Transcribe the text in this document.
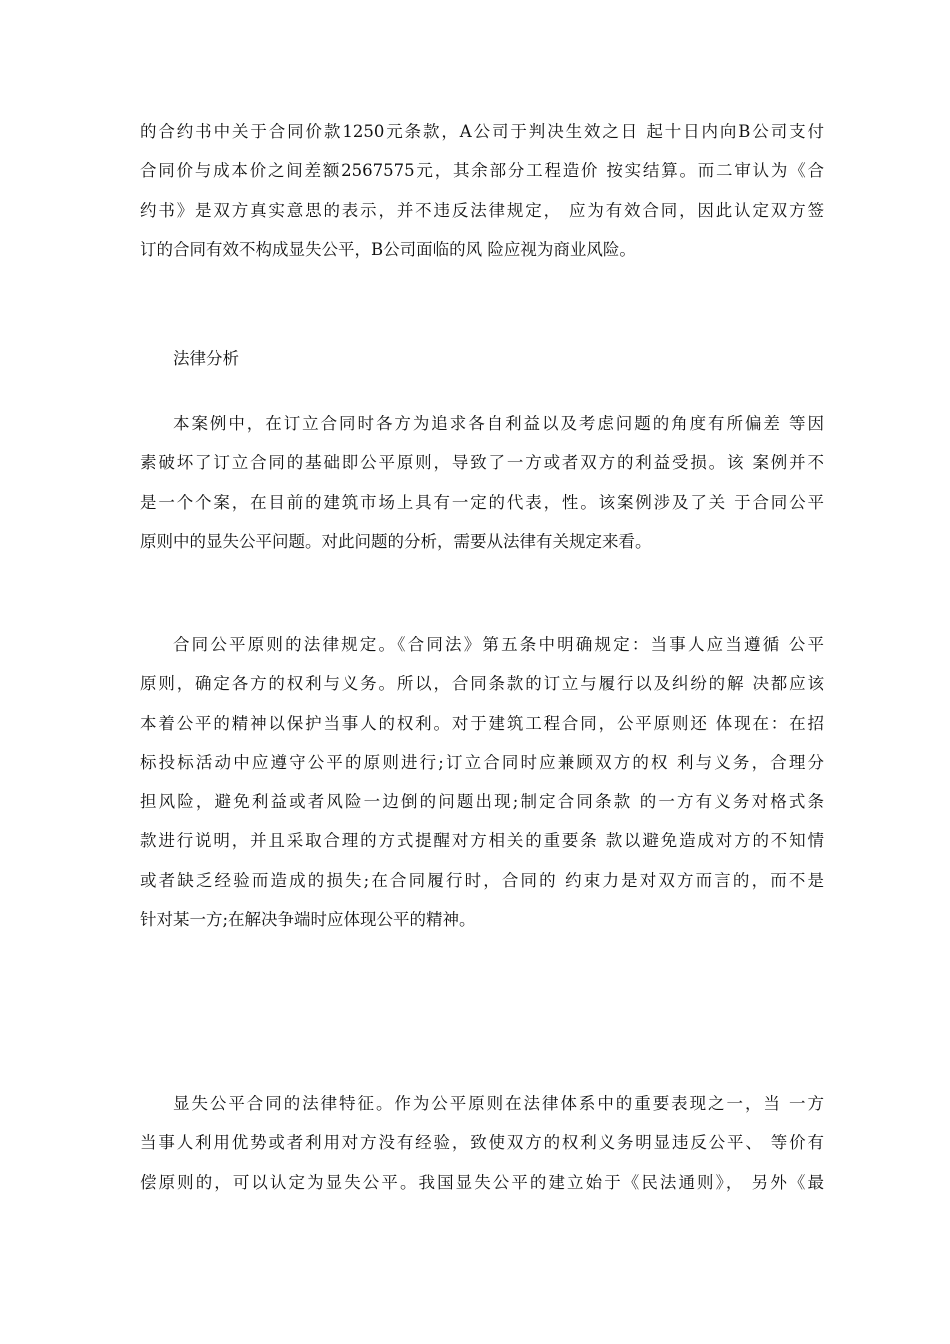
的合约书中关于合同价款1250元条款，A公司于判决生效之日 起十日内向B公司支付
合同价与成本价之间差额2567575元，其余部分工程造价 按实结算。而二审认为《合
约书》是双方真实意思的表示，并不违反法律规定， 应为有效合同，因此认定双方签
订的合同有效不构成显失公平，B公司面临的风 险应视为商业风险。
法律分析
本案例中，在订立合同时各方为追求各自利益以及考虑问题的角度有所偏差 等因
素破坏了订立合同的基础即公平原则，导致了一方或者双方的利益受损。该 案例并不
是一个个案，在目前的建筑市场上具有一定的代表，性。该案例涉及了关 于合同公平
原则中的显失公平问题。对此问题的分析，需要从法律有关规定来看。
合同公平原则的法律规定。《合同法》第五条中明确规定：当事人应当遵循 公平
原则，确定各方的权利与义务。所以，合同条款的订立与履行以及纠纷的解 决都应该
本着公平的精神以保护当事人的权利。对于建筑工程合同，公平原则还 体现在：在招
标投标活动中应遵守公平的原则进行;订立合同时应兼顾双方的权 利与义务，合理分
担风险，避免利益或者风险一边倒的问题出现;制定合同条款 的一方有义务对格式条
款进行说明，并且采取合理的方式提醒对方相关的重要条 款以避免造成对方的不知情
或者缺乏经验而造成的损失;在合同履行时，合同的 约束力是对双方而言的，而不是
针对某一方;在解决争端时应体现公平的精神。
显失公平合同的法律特征。作为公平原则在法律体系中的重要表现之一，当 一方
当事人利用优势或者利用对方没有经验，致使双方的权利义务明显违反公平、 等价有
偿原则的，可以认定为显失公平。我国显失公平的建立始于《民法通则》， 另外《最
